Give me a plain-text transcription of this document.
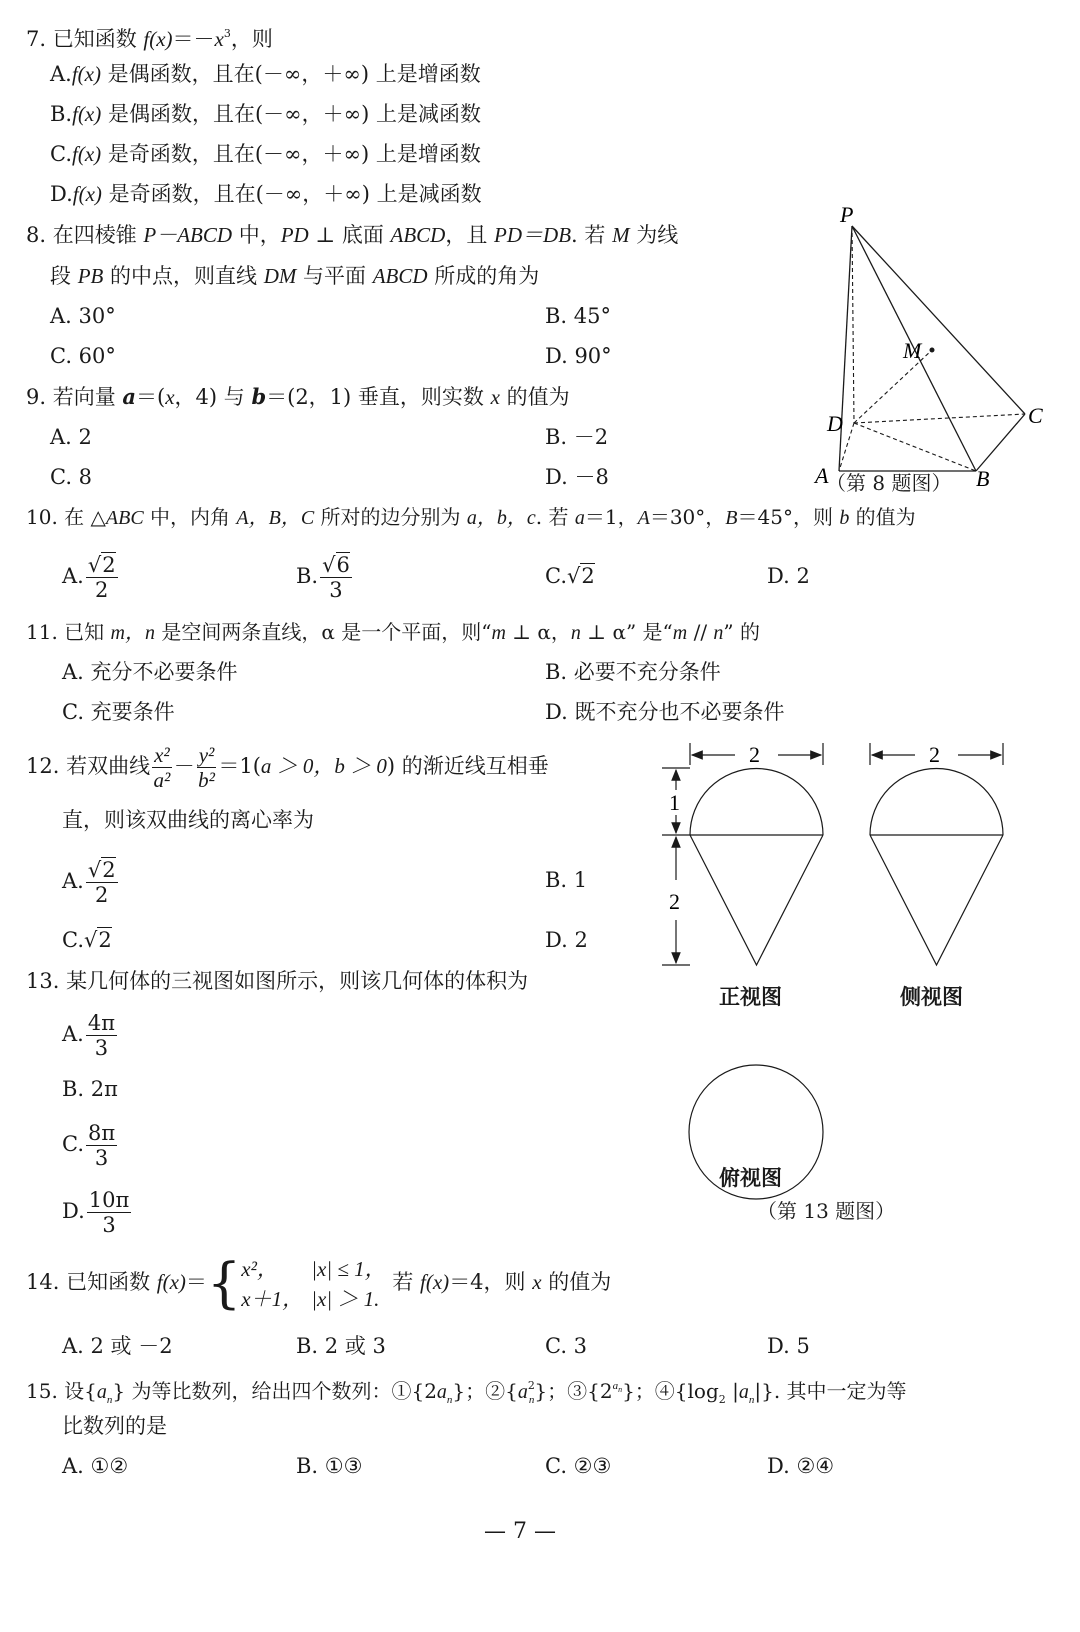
7. 已知函数 $f(x)=-x^3$，则
A.f(x) 是偶函数，且在(－∞，＋∞) 上是增函数
B.f(x) 是偶函数，且在(－∞，＋∞) 上是减函数
C.f(x) 是奇函数，且在(－∞，＋∞) 上是增函数
D.f(x) 是奇函数，且在(－∞，＋∞) 上是减函数
8. 在四棱锥 P－ABCD 中，PD ⊥ 底面 ABCD，且 PD＝DB. 若 M 为线
段 PB 的中点，则直线 DM 与平面 ABCD 所成的角为
A. 30°	B. 45°
C. 60°	D. 90°
P
M
D	C
A	B
（第 8 题图）
9. 若向量 a＝(x，4) 与 b＝(2，1) 垂直，则实数 x 的值为
A. 2	B. －2
C. 8	D. －8
10. 在 △ABC 中，内角 A，B，C 所对的边分别为 a，b，c. 若 a＝1，A＝30°，B＝45°，则 b 的值为
A. $\frac{√2}{2}$	B. $\frac{√6}{3}$	C.√2	D. 2
11. 已知 m，n 是空间两条直线，α 是一个平面，则“m ⊥ α，n ⊥ α” 是“m // n” 的
A. 充分不必要条件	B. 必要不充分条件
C. 充要条件	D. 既不充分也不必要条件
12. 若双曲线 $\frac{\text{x²}}{\text{a²}} - \frac{\text{y²}}{\text{b²}} =1(a > 0$，b ＞ 0) 的渐近线互相垂
直，则该双曲线的离心率为
A. $\frac{√2}{2}$	B. 1
C.√2	D. 2
13. 某几何体的三视图如图所示，则该几何体的体积为
A. $\frac{4\pi}{3}$
B. 2π
C. $\frac{8\pi}{3}$
D. $\frac{10\pi}{3}$
2	2
1
2
正视图	侧视图
俯视图
（第 13 题图）
14. 已知函数 f(x)＝{ x²， |x| ≤ 1，
x＋1， |x| ＞ 1.
若 f(x)＝4，则 x 的值为
A. 2 或 －2	B. 2 或 3	C. 3	D. 5
15. 设$\{a_n\}$ 为等比数列，给出四个数列：$①\{2a_n\}$；$②\{a^2_n\}$；$③\{2^{a_n}\}$；$④\{\log_2$ $|a_n|$}. 其中一定为等
比数列的是
A. ①②	B. ①③	C. ②③	D. ②④
— 7 —
